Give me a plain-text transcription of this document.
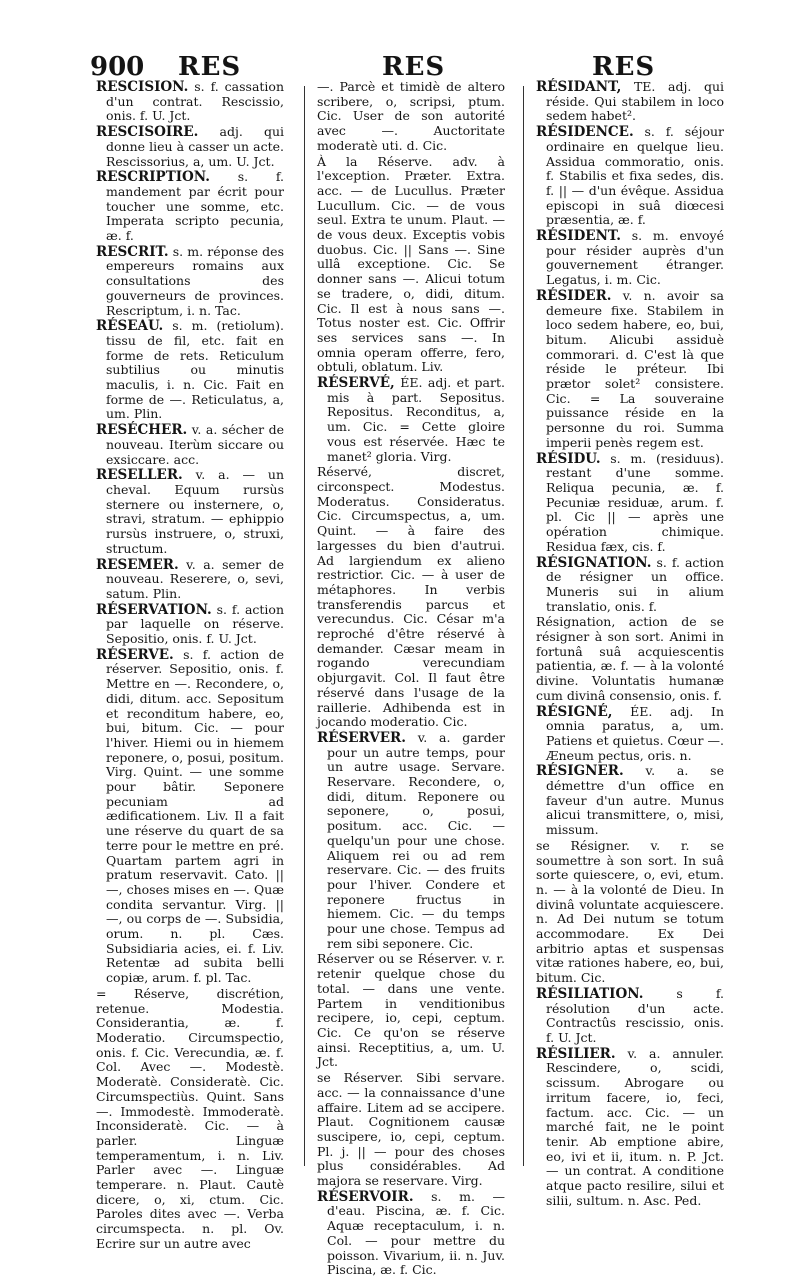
900 RES	RES	RES

RESCISION. s. f. cassation d'un contrat. Rescissio, onis. f. U. Jct.

RESCISOIRE. adj. qui donne lieu à casser un acte. Rescissorius, a, um. U. Jct.

RESCRIPTION. s. f. mandement par écrit pour toucher une somme, etc. Imperata scripto pecunia, æ. f.

RESCRIT. s. m. réponse des empereurs romains aux consultations des gouverneurs de provinces. Rescriptum, i. n. Tac.

RÉSEAU. s. m. (retiolum). tissu de fil, etc. fait en forme de rets. Reticulum subtilius ou minutis maculis, i. n. Cic. Fait en forme de —. Reticulatus, a, um. Plin.

RESÉCHER. v. a. sécher de nouveau. Iterùm siccare ou exsiccare. acc.

RESELLER. v. a. — un cheval. Equum rursùs sternere ou insternere, o, stravi, stratum. — ephippio rursùs instruere, o, struxi, structum.

RESEMER. v. a. semer de nouveau. Reserere, o, sevi, satum. Plin.

RÉSERVATION. s. f. action par laquelle on réserve. Sepositio, onis. f. U. Jct.

RÉSERVE. s. f. action de réserver. Sepositio, onis. f. Mettre en —. Recondere, o, didi, ditum. acc. Sepositum et reconditum habere, eo, bui, bitum. Cic. — pour l'hiver. Hiemi ou in hiemem reponere, o, posui, positum. Virg. Quint. — une somme pour bâtir. Seponere pecuniam ad ædificationem. Liv. Il a fait une réserve du quart de sa terre pour le mettre en pré. Quartam partem agri in pratum reservavit. Cato. || —, choses mises en —. Quæ condita servantur. Virg. || —, ou corps de —. Subsidia, orum. n. pl. Cæs. Subsidiaria acies, ei. f. Liv. Retentæ ad subita belli copiæ, arum. f. pl. Tac.

= Réserve, discrétion, retenue. Modestia. Considerantia, æ. f. Moderatio. Circumspectio, onis. f. Cic. Verecundia, æ. f. Col. Avec —. Modestè. Moderatè. Consideratè. Cic. Circumspectiùs. Quint. Sans —. Immodestè. Immoderatè. Inconsideratè. Cic. — à parler. Linguæ temperamentum, i. n. Liv. Parler avec —. Linguæ temperare. n. Plaut. Cautè dicere, o, xi, ctum. Cic. Paroles dites avec —. Verba circumspecta. n. pl. Ov. Ecrire sur un autre avec

—. Parcè et timidè de altero scribere, o, scripsi, ptum. Cic. User de son autorité avec —. Auctoritate moderatè uti. d. Cic.

À la Réserve. adv. à l'exception. Præter. Extra. acc. — de Lucullus. Præter Lucullum. Cic. — de vous seul. Extra te unum. Plaut. — de vous deux. Exceptis vobis duobus. Cic. || Sans —. Sine ullâ exceptione. Cic. Se donner sans —. Alicui totum se tradere, o, didi, ditum. Cic. Il est à nous sans —. Totus noster est. Cic. Offrir ses services sans —. In omnia operam offerre, fero, obtuli, oblatum. Liv.

RÉSERVÉ, ÉE. adj. et part. mis à part. Sepositus. Repositus. Reconditus, a, um. Cic. = Cette gloire vous est réservée. Hæc te manet² gloria. Virg.

Réservé, discret, circonspect. Modestus. Moderatus. Consideratus. Cic. Circumspectus, a, um. Quint. — à faire des largesses du bien d'autrui. Ad largiendum ex alieno restrictior. Cic. — à user de métaphores. In verbis transferendis parcus et verecundus. Cic. César m'a reproché d'être réservé à demander. Cæsar meam in rogando verecundiam objurgavit. Col. Il faut être réservé dans l'usage de la raillerie. Adhibenda est in jocando moderatio. Cic.

RÉSERVER. v. a. garder pour un autre temps, pour un autre usage. Servare. Reservare. Recondere, o, didi, ditum. Reponere ou seponere, o, posui, positum. acc. Cic. — quelqu'un pour une chose. Aliquem rei ou ad rem reservare. Cic. — des fruits pour l'hiver. Condere et reponere fructus in hiemem. Cic. — du temps pour une chose. Tempus ad rem sibi seponere. Cic.

Réserver ou se Réserver. v. r. retenir quelque chose du total. — dans une vente. Partem in venditionibus recipere, io, cepi, ceptum. Cic. Ce qu'on se réserve ainsi. Receptitius, a, um. U. Jct.

se Réserver. Sibi servare. acc. — la connaissance d'une affaire. Litem ad se accipere. Plaut. Cognitionem causæ suscipere, io, cepi, ceptum. Pl. j. || — pour des choses plus considérables. Ad majora se reservare. Virg.

RÉSERVOIR. s. m. — d'eau. Piscina, æ. f. Cic. Aquæ receptaculum, i. n. Col. — pour mettre du poisson. Vivarium, ii. n. Juv. Piscina, æ. f. Cic.

RÉSIDANT, TE. adj. qui réside. Qui stabilem in loco sedem habet².

RÉSIDENCE. s. f. séjour ordinaire en quelque lieu. Assidua commoratio, onis. f. Stabilis et fixa sedes, dis. f. || — d'un évêque. Assidua episcopi in suâ diœcesi præsentia, æ. f.

RÉSIDENT. s. m. envoyé pour résider auprès d'un gouvernement étranger. Legatus, i. m. Cic.

RÉSIDER. v. n. avoir sa demeure fixe. Stabilem in loco sedem habere, eo, bui, bitum. Alicubi assiduè commorari. d. C'est là que réside le préteur. Ibi prætor solet² consistere. Cic. = La souveraine puissance réside en la personne du roi. Summa imperii penès regem est.

RÉSIDU. s. m. (residuus). restant d'une somme. Reliqua pecunia, æ. f. Pecuniæ residuæ, arum. f. pl. Cic || — après une opération chimique. Residua fæx, cis. f.

RÉSIGNATION. s. f. action de résigner un office. Muneris sui in alium translatio, onis. f.

Résignation, action de se résigner à son sort. Animi in fortunâ suâ acquiescentis patientia, æ. f. — à la volonté divine. Voluntatis humanæ cum divinâ consensio, onis. f.

RÉSIGNÉ, ÉE. adj. In omnia paratus, a, um. Patiens et quietus. Cœur —. Æneum pectus, oris. n.

RÉSIGNER. v. a. se démettre d'un office en faveur d'un autre. Munus alicui transmittere, o, misi, missum.

se Résigner. v. r. se soumettre à son sort. In suâ sorte quiescere, o, evi, etum. n. — à la volonté de Dieu. In divinâ voluntate acquiescere. n. Ad Dei nutum se totum accommodare. Ex Dei arbitrio aptas et suspensas vitæ rationes habere, eo, bui, bitum. Cic.

RÉSILIATION. s f. résolution d'un acte. Contractûs rescissio, onis. f. U. Jct.

RÉSILIER. v. a. annuler. Rescindere, o, scidi, scissum. Abrogare ou irritum facere, io, feci, factum. acc. Cic. — un marché fait, ne le point tenir. Ab emptione abire, eo, ivi et ii, itum. n. P. Jct. — un contrat. A conditione atque pacto resilire, silui et silii, sultum. n. Asc. Ped.
